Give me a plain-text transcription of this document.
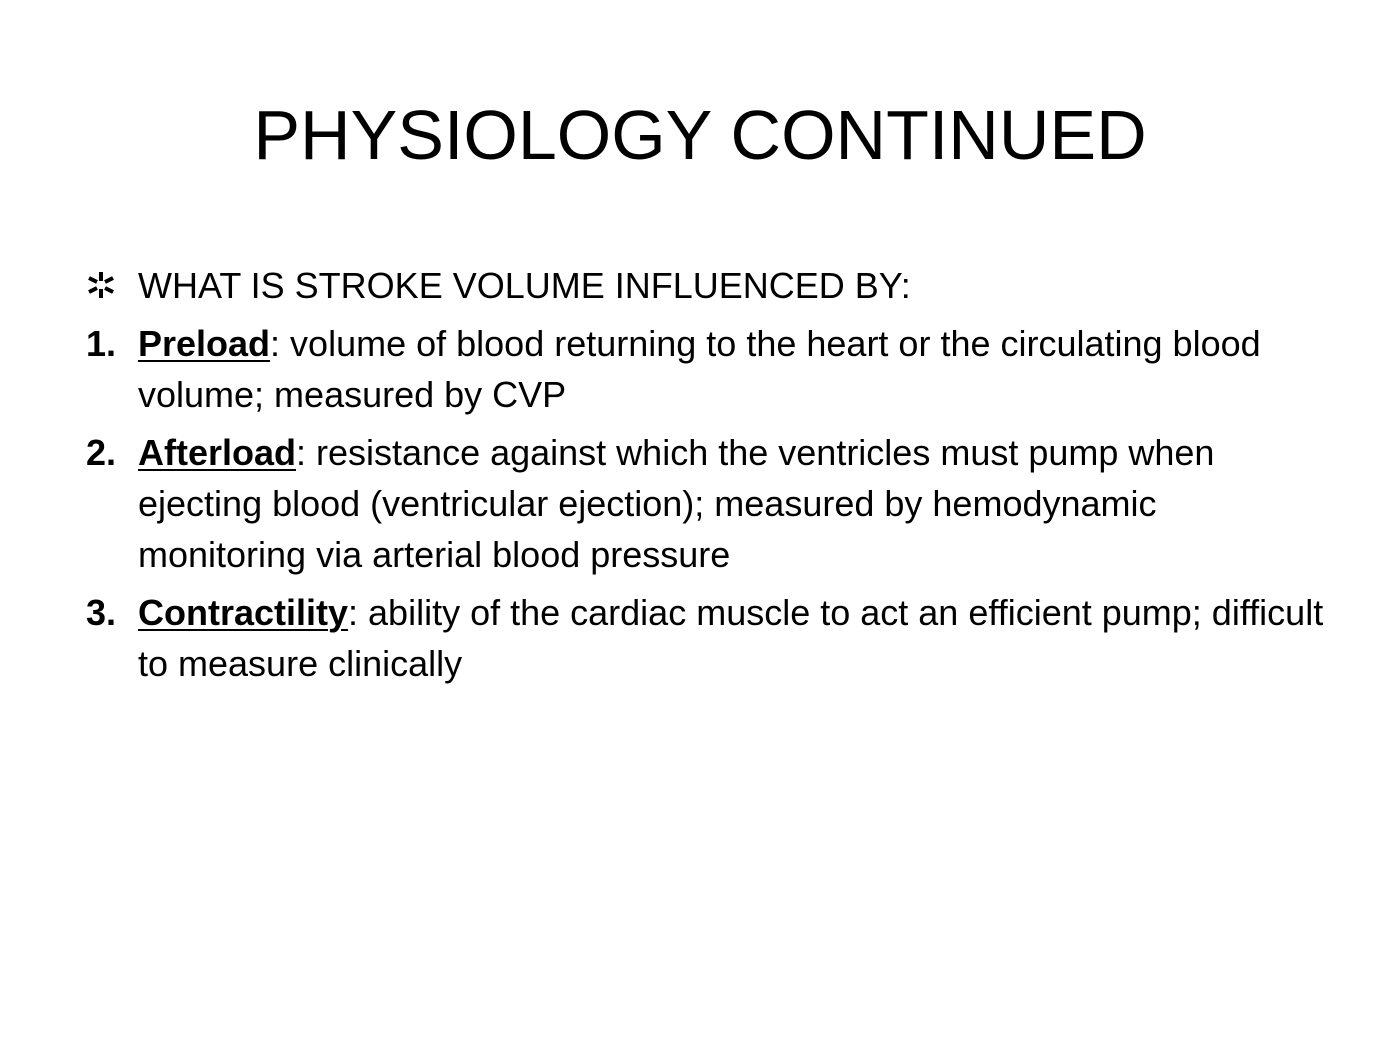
PHYSIOLOGY CONTINUED
WHAT IS STROKE VOLUME INFLUENCED BY:
1. Preload: volume of blood returning to the heart or the circulating blood volume; measured by CVP
2. Afterload: resistance against which the ventricles must pump when ejecting blood (ventricular ejection); measured by hemodynamic monitoring via arterial blood pressure
3. Contractility: ability of the cardiac muscle to act an efficient pump; difficult to measure clinically
